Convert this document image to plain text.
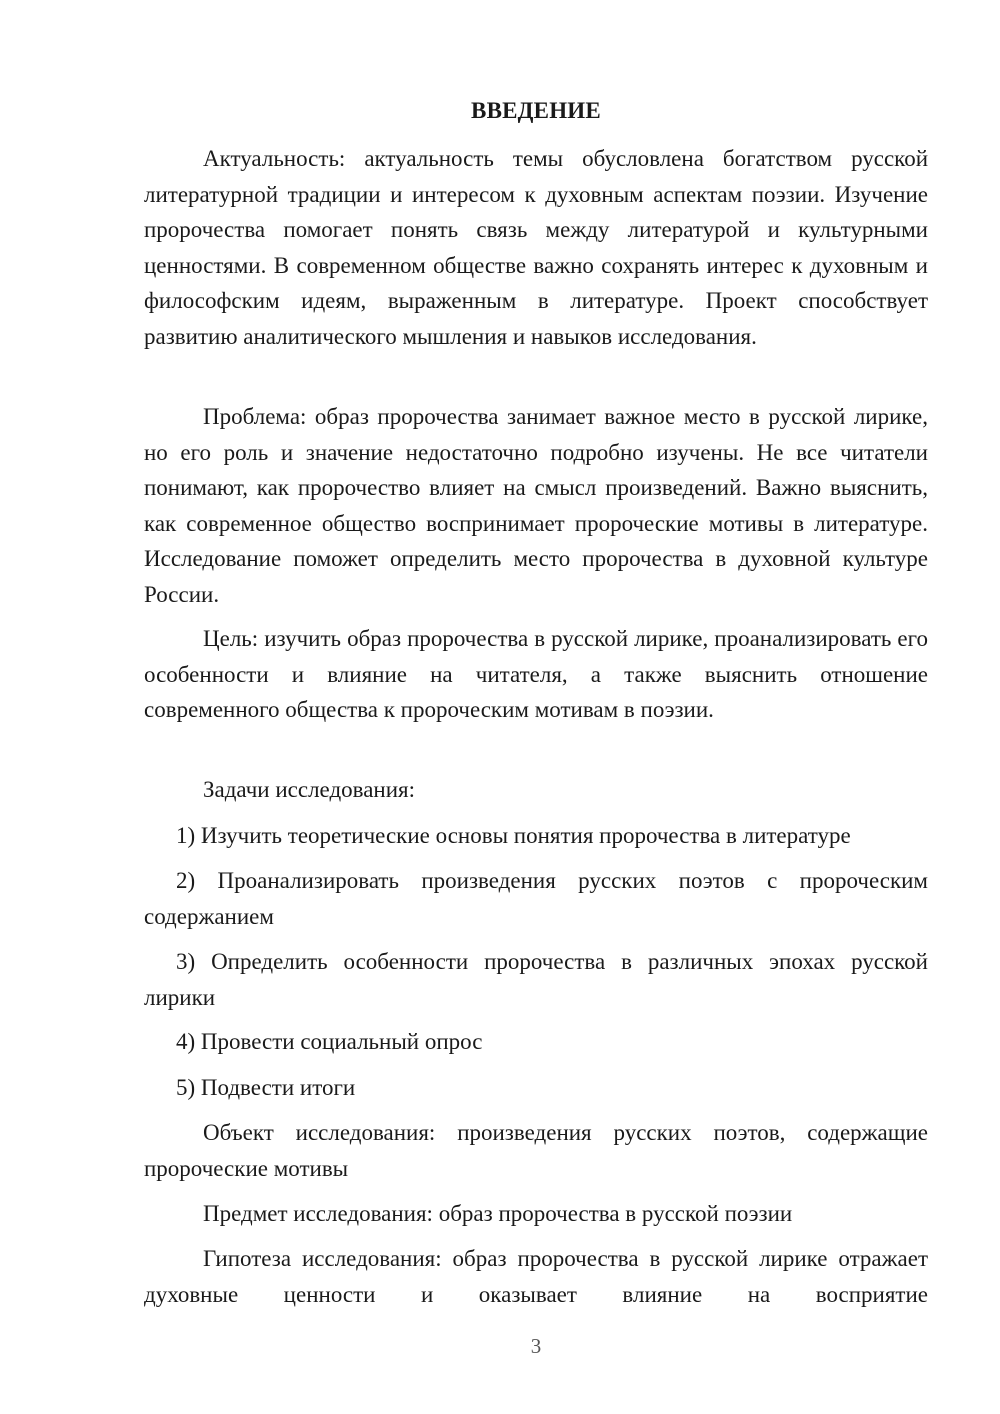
ВВЕДЕНИЕ

Актуальность: актуальность темы обусловлена богатством русской литературной традиции и интересом к духовным аспектам поэзии. Изучение пророчества помогает понять связь между литературой и культурными ценностями. В современном обществе важно сохранять интерес к духовным и философским идеям, выраженным в литературе. Проект способствует развитию аналитического мышления и навыков исследования.

Проблема: образ пророчества занимает важное место в русской лирике, но его роль и значение недостаточно подробно изучены. Не все читатели понимают, как пророчество влияет на смысл произведений. Важно выяснить, как современное общество воспринимает пророческие мотивы в литературе. Исследование поможет определить место пророчества в духовной культуре России.

Цель: изучить образ пророчества в русской лирике, проанализировать его особенности и влияние на читателя, а также выяснить отношение современного общества к пророческим мотивам в поэзии.

Задачи исследования:

1) Изучить теоретические основы понятия пророчества в литературе

2) Проанализировать произведения русских поэтов с пророческим содержанием

3) Определить особенности пророчества в различных эпохах русской лирики

4) Провести социальный опрос

5) Подвести итоги

Объект исследования: произведения русских поэтов, содержащие пророческие мотивы

Предмет исследования: образ пророчества в русской поэзии

Гипотеза исследования: образ пророчества в русской лирике отражает духовные ценности и оказывает влияние на восприятие

3
